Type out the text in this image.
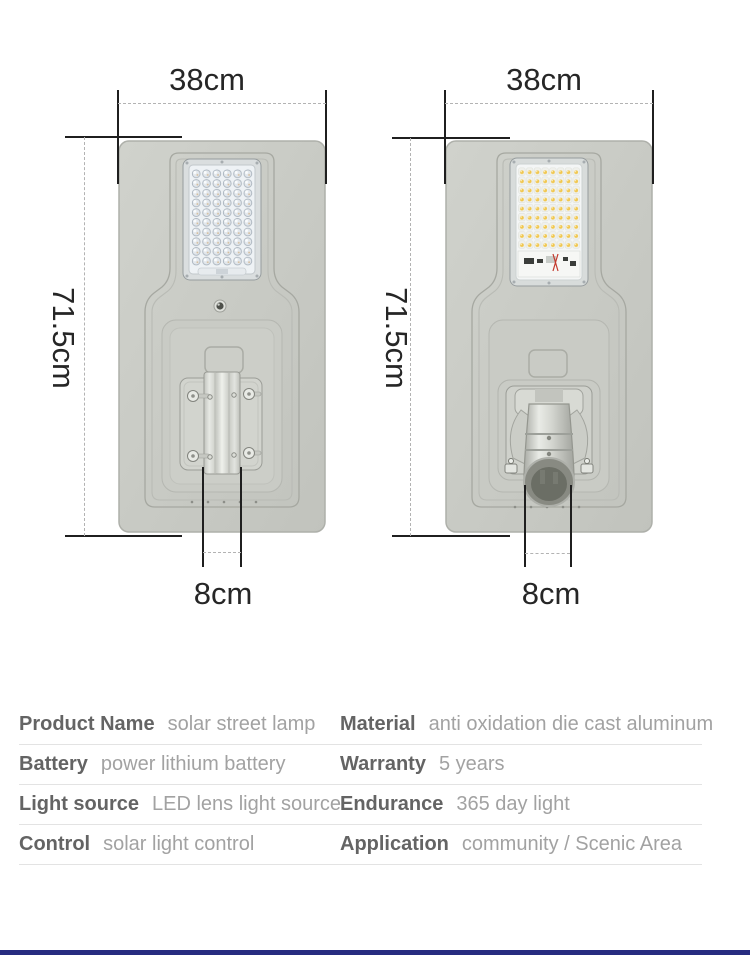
38cm
71.5cm
8cm
38cm
71.5cm
8cm
Product Name solar street lamp Material anti oxidation die cast aluminum
Battery power lithium battery	Warranty 5 years
Light source LED lens light source Endurance 365 day light
Control solar light control	Application community / Scenic Area
